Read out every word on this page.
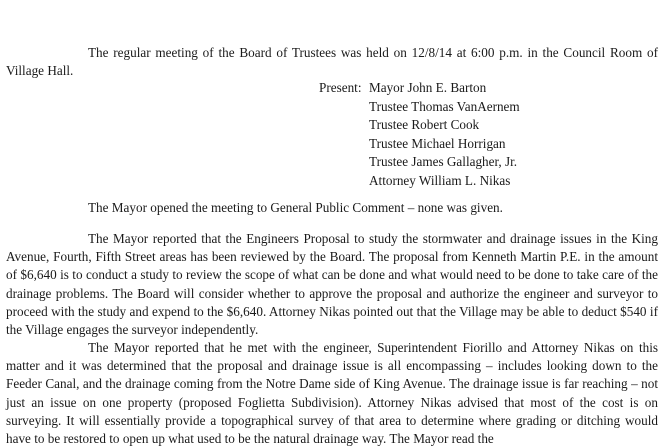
The regular meeting of the Board of Trustees was held on 12/8/14 at 6:00 p.m. in the Council Room of Village Hall.

Present: Mayor John E. Barton
Trustee Thomas VanAernem
Trustee Robert Cook
Trustee Michael Horrigan
Trustee James Gallagher, Jr.
Attorney William L. Nikas

The Mayor opened the meeting to General Public Comment – none was given.

The Mayor reported that the Engineers Proposal to study the stormwater and drainage issues in the King Avenue, Fourth, Fifth Street areas has been reviewed by the Board. The proposal from Kenneth Martin P.E. in the amount of $6,640 is to conduct a study to review the scope of what can be done and what would need to be done to take care of the drainage problems. The Board will consider whether to approve the proposal and authorize the engineer and surveyor to proceed with the study and expend to the $6,640. Attorney Nikas pointed out that the Village may be able to deduct $540 if the Village engages the surveyor independently.

The Mayor reported that he met with the engineer, Superintendent Fiorillo and Attorney Nikas on this matter and it was determined that the proposal and drainage issue is all encompassing – includes looking down to the Feeder Canal, and the drainage coming from the Notre Dame side of King Avenue. The drainage issue is far reaching – not just an issue on one property (proposed Foglietta Subdivision). Attorney Nikas advised that most of the cost is on surveying. It will essentially provide a topographical survey of that area to determine where grading or ditching would have to be restored to open up what used to be the natural drainage way. The Mayor read the
